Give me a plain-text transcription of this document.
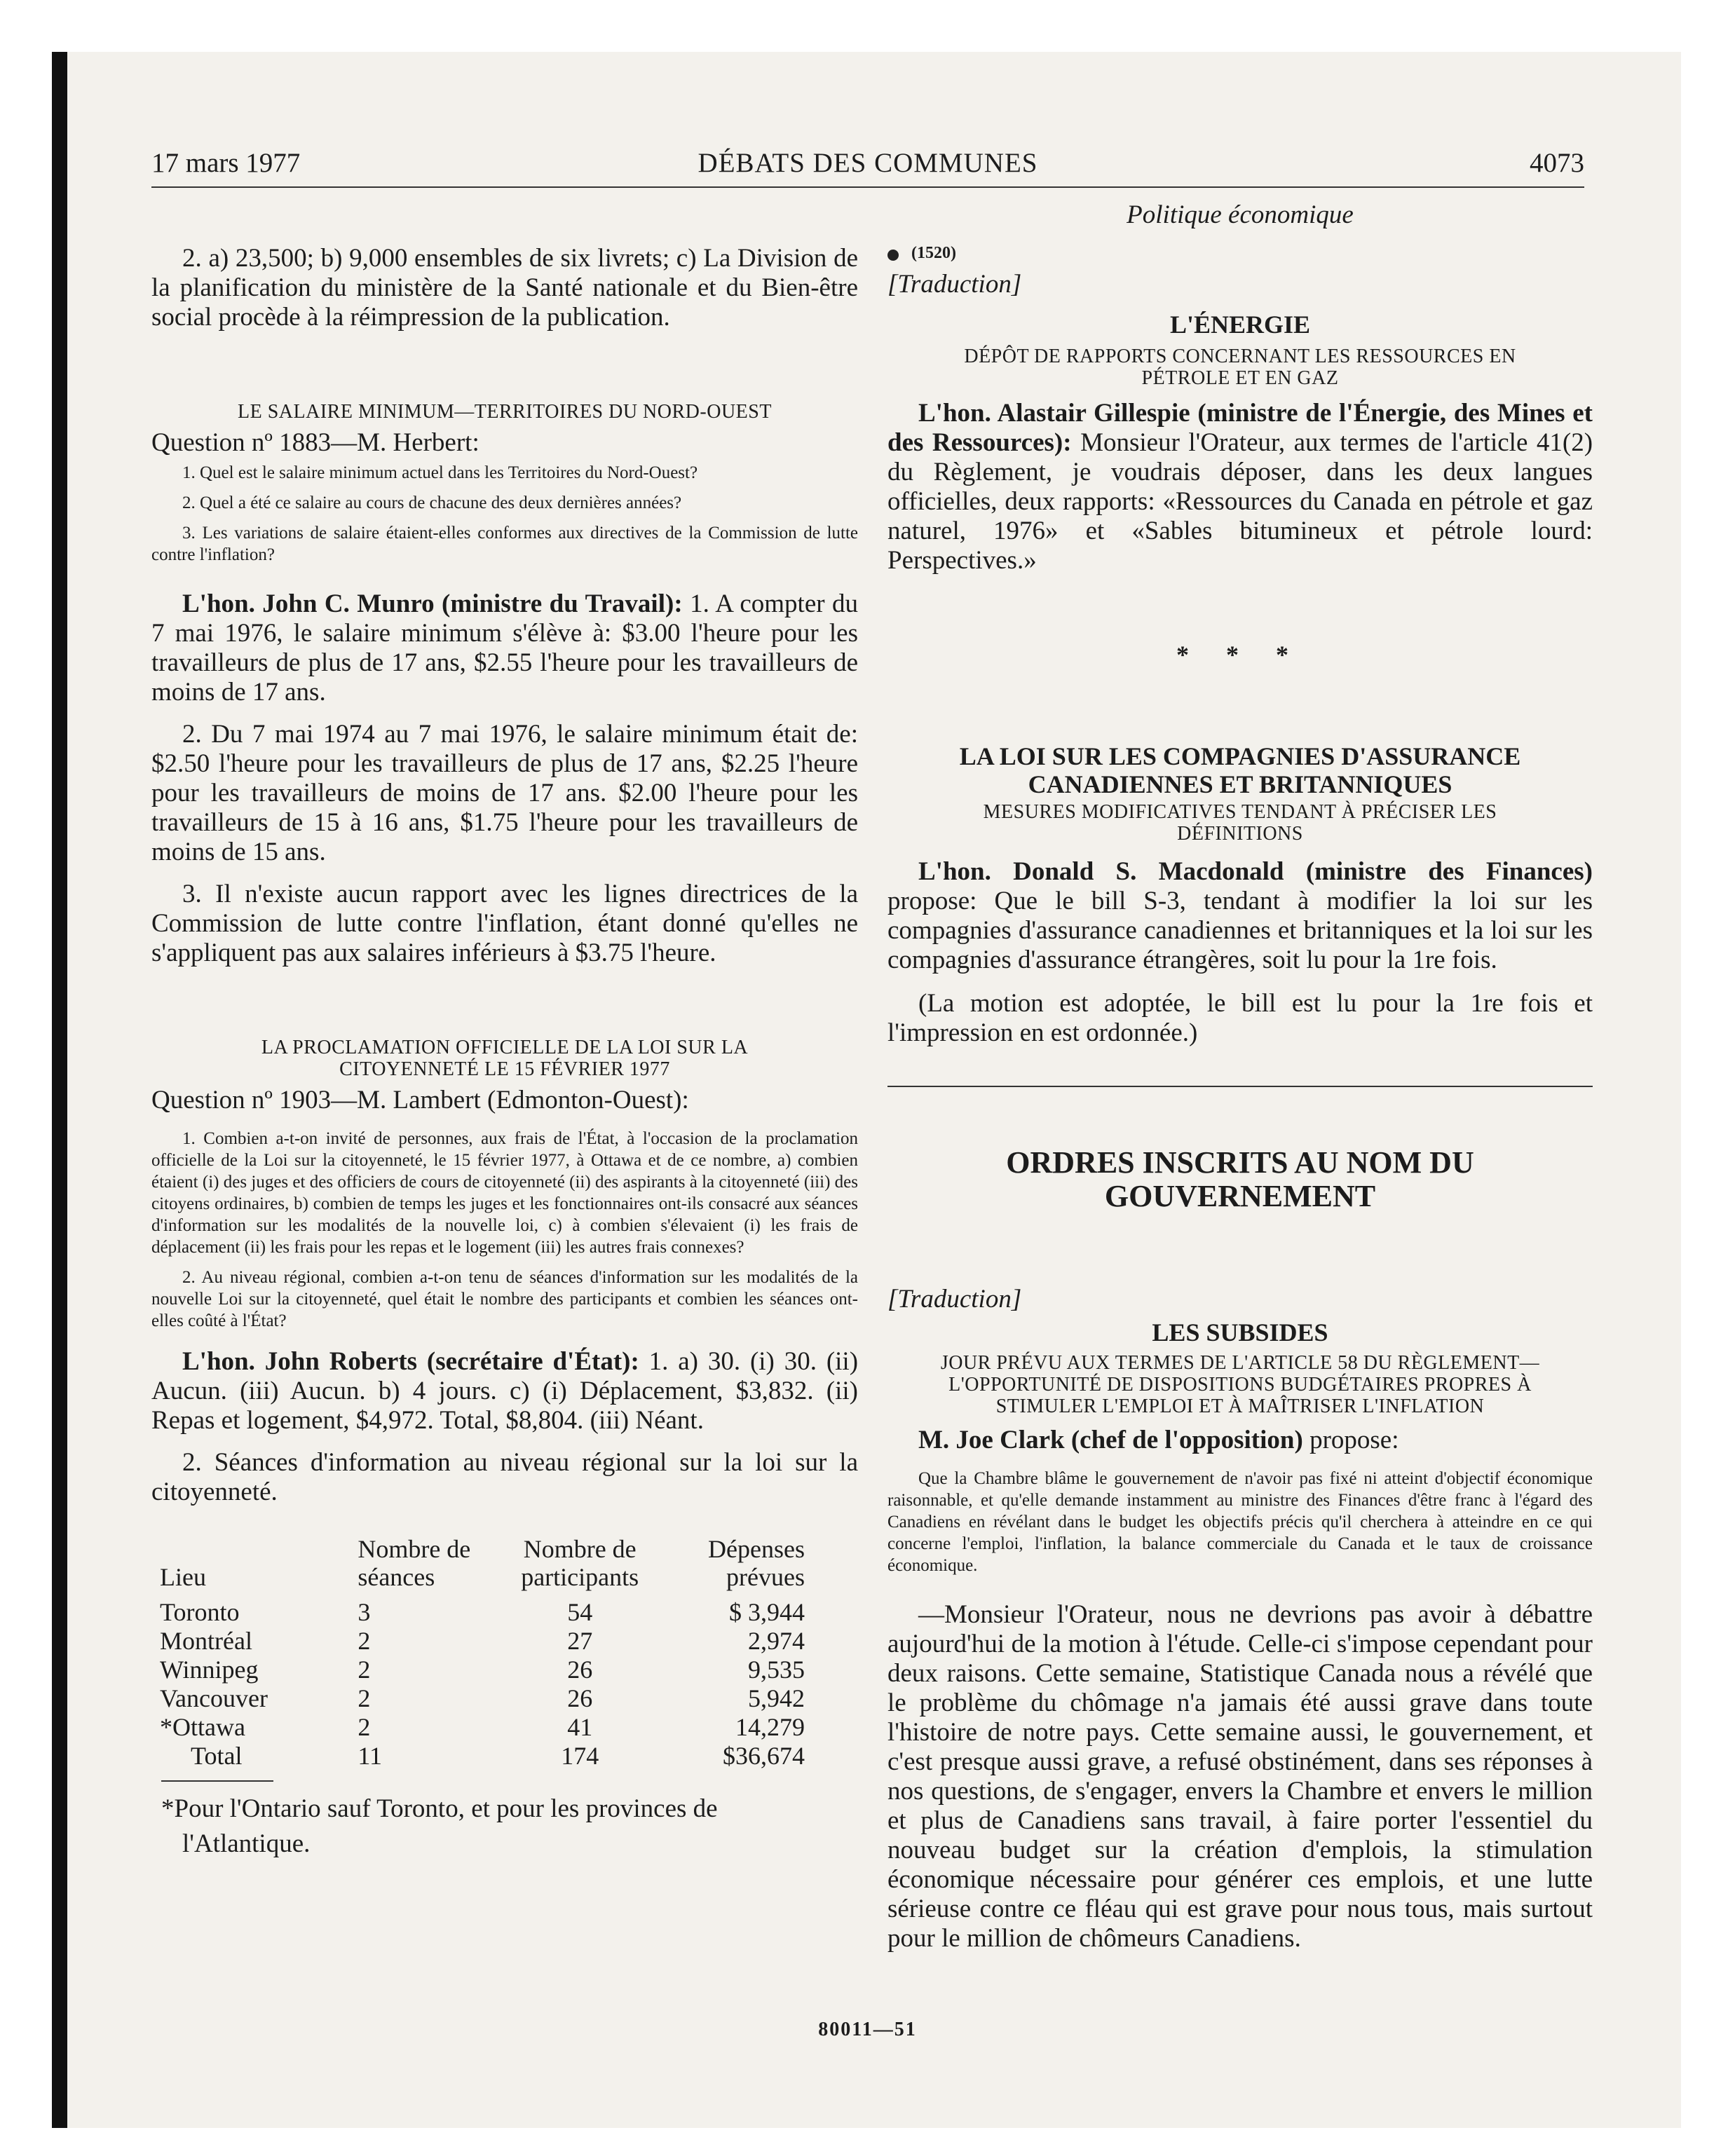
17 mars 1977	DÉBATS DES COMMUNES	4073

2. a) 23,500; b) 9,000 ensembles de six livrets; c) La Division de la planification du ministère de la Santé nationale et du Bien-être social procède à la réimpression de la publication.

LE SALAIRE MINIMUM—TERRITOIRES DU NORD-OUEST

Question nº 1883—M. Herbert:

1. Quel est le salaire minimum actuel dans les Territoires du Nord-Ouest?

2. Quel a été ce salaire au cours de chacune des deux dernières années?

3. Les variations de salaire étaient-elles conformes aux directives de la Commission de lutte contre l'inflation?

L'hon. John C. Munro (ministre du Travail): 1. A compter du 7 mai 1976, le salaire minimum s'élève à: $3.00 l'heure pour les travailleurs de plus de 17 ans, $2.55 l'heure pour les travailleurs de moins de 17 ans.

2. Du 7 mai 1974 au 7 mai 1976, le salaire minimum était de: $2.50 l'heure pour les travailleurs de plus de 17 ans, $2.25 l'heure pour les travailleurs de moins de 17 ans. $2.00 l'heure pour les travailleurs de 15 à 16 ans, $1.75 l'heure pour les travailleurs de moins de 15 ans.

3. Il n'existe aucun rapport avec les lignes directrices de la Commission de lutte contre l'inflation, étant donné qu'elles ne s'appliquent pas aux salaires inférieurs à $3.75 l'heure.

LA PROCLAMATION OFFICIELLE DE LA LOI SUR LA

CITOYENNETÉ LE 15 FÉVRIER 1977

Question nº 1903—M. Lambert (Edmonton-Ouest):

1. Combien a-t-on invité de personnes, aux frais de l'État, à l'occasion de la proclamation officielle de la Loi sur la citoyenneté, le 15 février 1977, à Ottawa et de ce nombre, a) combien étaient (i) des juges et des officiers de cours de citoyenneté (ii) des aspirants à la citoyenneté (iii) des citoyens ordinaires, b) combien de temps les juges et les fonctionnaires ont-ils consacré aux séances d'information sur les modalités de la nouvelle loi, c) à combien s'élevaient (i) les frais de déplacement (ii) les frais pour les repas et le logement (iii) les autres frais connexes?

2. Au niveau régional, combien a-t-on tenu de séances d'information sur les modalités de la nouvelle Loi sur la citoyenneté, quel était le nombre des participants et combien les séances ont-elles coûté à l'État?

L'hon. John Roberts (secrétaire d'État): 1. a) 30. (i) 30. (ii) Aucun. (iii) Aucun. b) 4 jours. c) (i) Déplacement, $3,832. (ii) Repas et logement, $4,972. Total, $8,804. (iii) Néant.

2. Séances d'information au niveau régional sur la loi sur la citoyenneté.

Lieu	Nombre de séances	Nombre de participants	Dépenses prévues
Toronto	3	54	$ 3,944
Montréal	2	27	2,974
Winnipeg	2	26	9,535
Vancouver	2	26	5,942
*Ottawa	2	41	14,279
Total	11	174	$36,674

*Pour l'Ontario sauf Toronto, et pour les provinces de

l'Atlantique.

Politique économique

(1520)

[Traduction]

L'ÉNERGIE

DÉPÔT DE RAPPORTS CONCERNANT LES RESSOURCES EN

PÉTROLE ET EN GAZ

L'hon. Alastair Gillespie (ministre de l'Énergie, des Mines et des Ressources): Monsieur l'Orateur, aux termes de l'article 41(2) du Règlement, je voudrais déposer, dans les deux langues officielles, deux rapports: «Ressources du Canada en pétrole et gaz naturel, 1976» et «Sables bitumineux et pétrole lourd: Perspectives.»

* * *

LA LOI SUR LES COMPAGNIES D'ASSURANCE

CANADIENNES ET BRITANNIQUES

MESURES MODIFICATIVES TENDANT À PRÉCISER LES

DÉFINITIONS

L'hon. Donald S. Macdonald (ministre des Finances) propose: Que le bill S-3, tendant à modifier la loi sur les compagnies d'assurance canadiennes et britanniques et la loi sur les compagnies d'assurance étrangères, soit lu pour la 1re fois.

(La motion est adoptée, le bill est lu pour la 1re fois et l'impression en est ordonnée.)

ORDRES INSCRITS AU NOM DU

GOUVERNEMENT

[Traduction]

LES SUBSIDES

JOUR PRÉVU AUX TERMES DE L'ARTICLE 58 DU RÈGLEMENT—

L'OPPORTUNITÉ DE DISPOSITIONS BUDGÉTAIRES PROPRES À

STIMULER L'EMPLOI ET À MAÎTRISER L'INFLATION

M. Joe Clark (chef de l'opposition) propose:

Que la Chambre blâme le gouvernement de n'avoir pas fixé ni atteint d'objectif économique raisonnable, et qu'elle demande instamment au ministre des Finances d'être franc à l'égard des Canadiens en révélant dans le budget les objectifs précis qu'il cherchera à atteindre en ce qui concerne l'emploi, l'inflation, la balance commerciale du Canada et le taux de croissance économique.

—Monsieur l'Orateur, nous ne devrions pas avoir à débattre aujourd'hui de la motion à l'étude. Celle-ci s'impose cependant pour deux raisons. Cette semaine, Statistique Canada nous a révélé que le problème du chômage n'a jamais été aussi grave dans toute l'histoire de notre pays. Cette semaine aussi, le gouvernement, et c'est presque aussi grave, a refusé obstinément, dans ses réponses à nos questions, de s'engager, envers la Chambre et envers le million et plus de Canadiens sans travail, à faire porter l'essentiel du nouveau budget sur la création d'emplois, la stimulation économique nécessaire pour générer ces emplois, et une lutte sérieuse contre ce fléau qui est grave pour nous tous, mais surtout pour le million de chômeurs Canadiens.

80011—51
